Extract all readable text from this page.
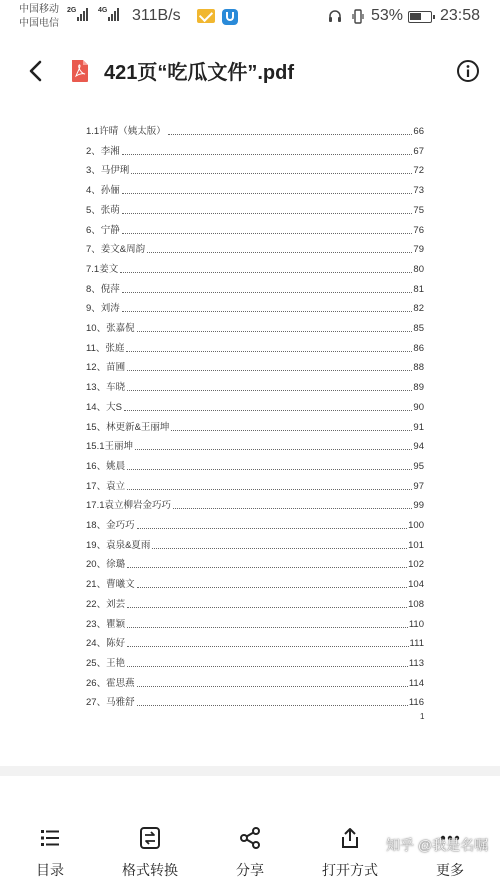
中国移动
中国电信
2G	4G 311B/s	53% 23:58
421页“吃瓜文件”.pdf
1
1.1许晴（姨太版）	66
2、李湘	67
3、马伊琍	72
4、孙俪	73
5、张萌	75
6、宁静	76
7、姜文&周韵	79
7.1姜文	80
8、倪萍	81
9、刘涛	82
10、张嘉倪	85
11、张庭	86
12、苗圃	88
13、车晓	89
14、大S	90
15、林更新&王丽坤	91
15.1王丽坤	94
16、姚晨	95
17、袁立	97
17.1袁立柳岩金巧巧	99
18、金巧巧	100
19、袁泉&夏雨	101
20、徐璐	102
21、曹曦文	104
22、刘芸	108
23、瞿颖	110
24、陈好	111
25、王艳	113
26、霍思燕	114
27、马雅舒	116
目录	格式转换	分享	打开方式	更多
知乎 @我是名嘱
